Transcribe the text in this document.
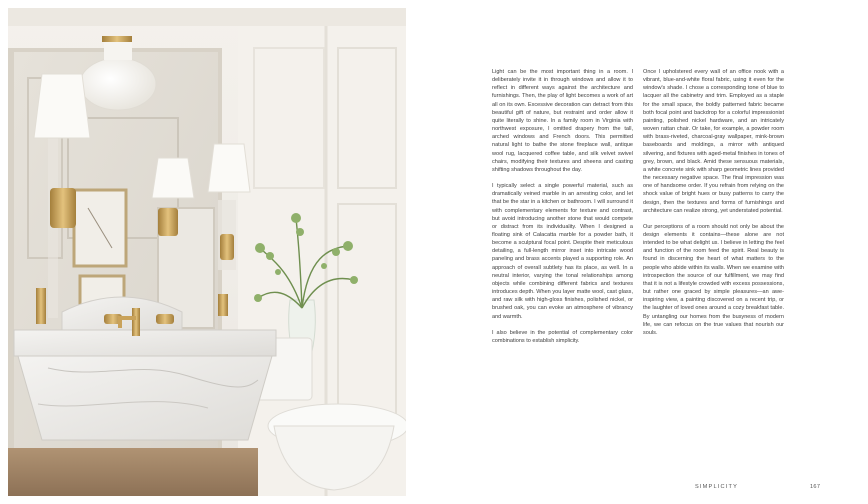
Light can be the most important thing in a room. I deliberately invite it in through windows and allow it to reflect in different ways against the architecture and furnishings. Then, the play of light becomes a work of art all on its own. Excessive decoration can detract from this beautiful gift of nature, but restraint and order allow it quite literally to shine. In a family room in Virginia with northwest exposure, I omitted drapery from the tall, arched windows and French doors. This permitted natural light to bathe the stone fireplace wall, antique wool rug, lacquered coffee table, and silk velvet swivel chairs, modifying their textures and sheens and casting shifting shadows throughout the day.

I typically select a single powerful material, such as dramatically veined marble in an arresting color, and let that be the star in a kitchen or bathroom. I will surround it with complementary elements for texture and contrast, but avoid introducing another stone that would compete or distract from its individuality. When I designed a floating sink of Calacatta marble for a powder bath, it become a sculptural focal point. Despite their meticulous detailing, a full-length mirror inset into intricate wood paneling and brass accents played a supporting role. An approach of overall subtlety has its place, as well. In a neutral interior, varying the tonal relationships among objects while combining different fabrics and textures introduces depth. When you layer matte wool, cast glass, and raw silk with high-gloss finishes, polished nickel, or brushed oak, you can evoke an atmosphere of vibrancy and warmth.

I also believe in the potential of complementary color combinations to establish simplicity.

Once I upholstered every wall of an office nook with a vibrant, blue-and-white floral fabric, using it even for the window's shade. I chose a corresponding tone of blue to lacquer all the cabinetry and trim. Employed as a staple for the small space, the boldly patterned fabric became both focal point and backdrop for a colorful impressionist painting, polished nickel hardware, and an intricately woven rattan chair. Or take, for example, a powder room with brass-riveted, charcoal-gray wallpaper, mink-brown baseboards and moldings, a mirror with antiqued silvering, and fixtures with aged-metal finishes in tones of grey, brown, and black. Amid these sensuous materials, a white concrete sink with sharp geometric lines provided the necessary negative space. The final impression was one of handsome order. If you refrain from relying on the shock value of bright hues or busy patterns to carry the design, then the textures and forms of furnishings and architecture can realize strong, yet understated potential.

Our perceptions of a room should not only be about the design elements it contains—these alone are not intended to be what delight us. I believe in letting the feel and function of the room feed the spirit. Real beauty is found in discerning the heart of what matters to the people who abide within its walls. When we examine with introspection the source of our fulfillment, we may find that it is not a lifestyle crowded with excess possessions, but rather one graced by simple pleasures—an awe-inspiring view, a painting discovered on a recent trip, or the laughter of loved ones around a cozy breakfast table. By untangling our homes from the busyness of modern life, we can refocus on the true values that nourish our souls.

SIMPLICITY	167
